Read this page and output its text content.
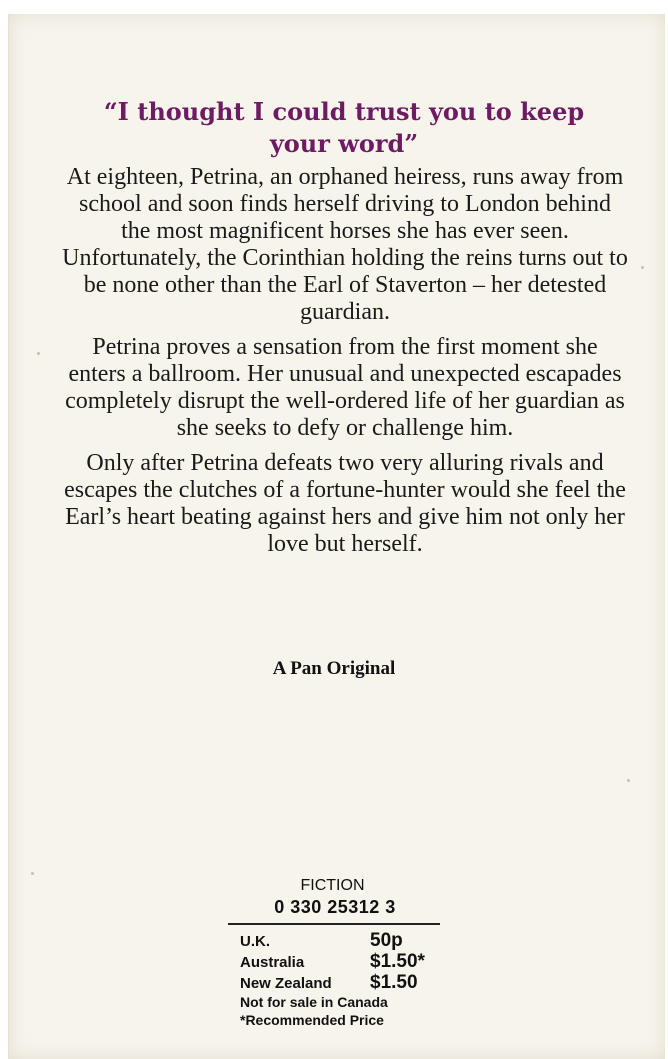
“I thought I could trust you to keep
your word”

At eighteen, Petrina, an orphaned heiress, runs away from school and soon finds herself driving to London behind the most magnificent horses she has ever seen. Unfortunately, the Corinthian holding the reins turns out to be none other than the Earl of Staverton – her detested guardian.

Petrina proves a sensation from the first moment she enters a ballroom. Her unusual and unexpected escapades completely disrupt the well-ordered life of her guardian as she seeks to defy or challenge him.

Only after Petrina defeats two very alluring rivals and escapes the clutches of a fortune-hunter would she feel the Earl’s heart beating against hers and give him not only her love but herself.

A Pan Original
FICTION
0 330 25312 3
U.K.	50p
Australia	$1.50*
New Zealand $1.50
Not for sale in Canada
*Recommended Price
